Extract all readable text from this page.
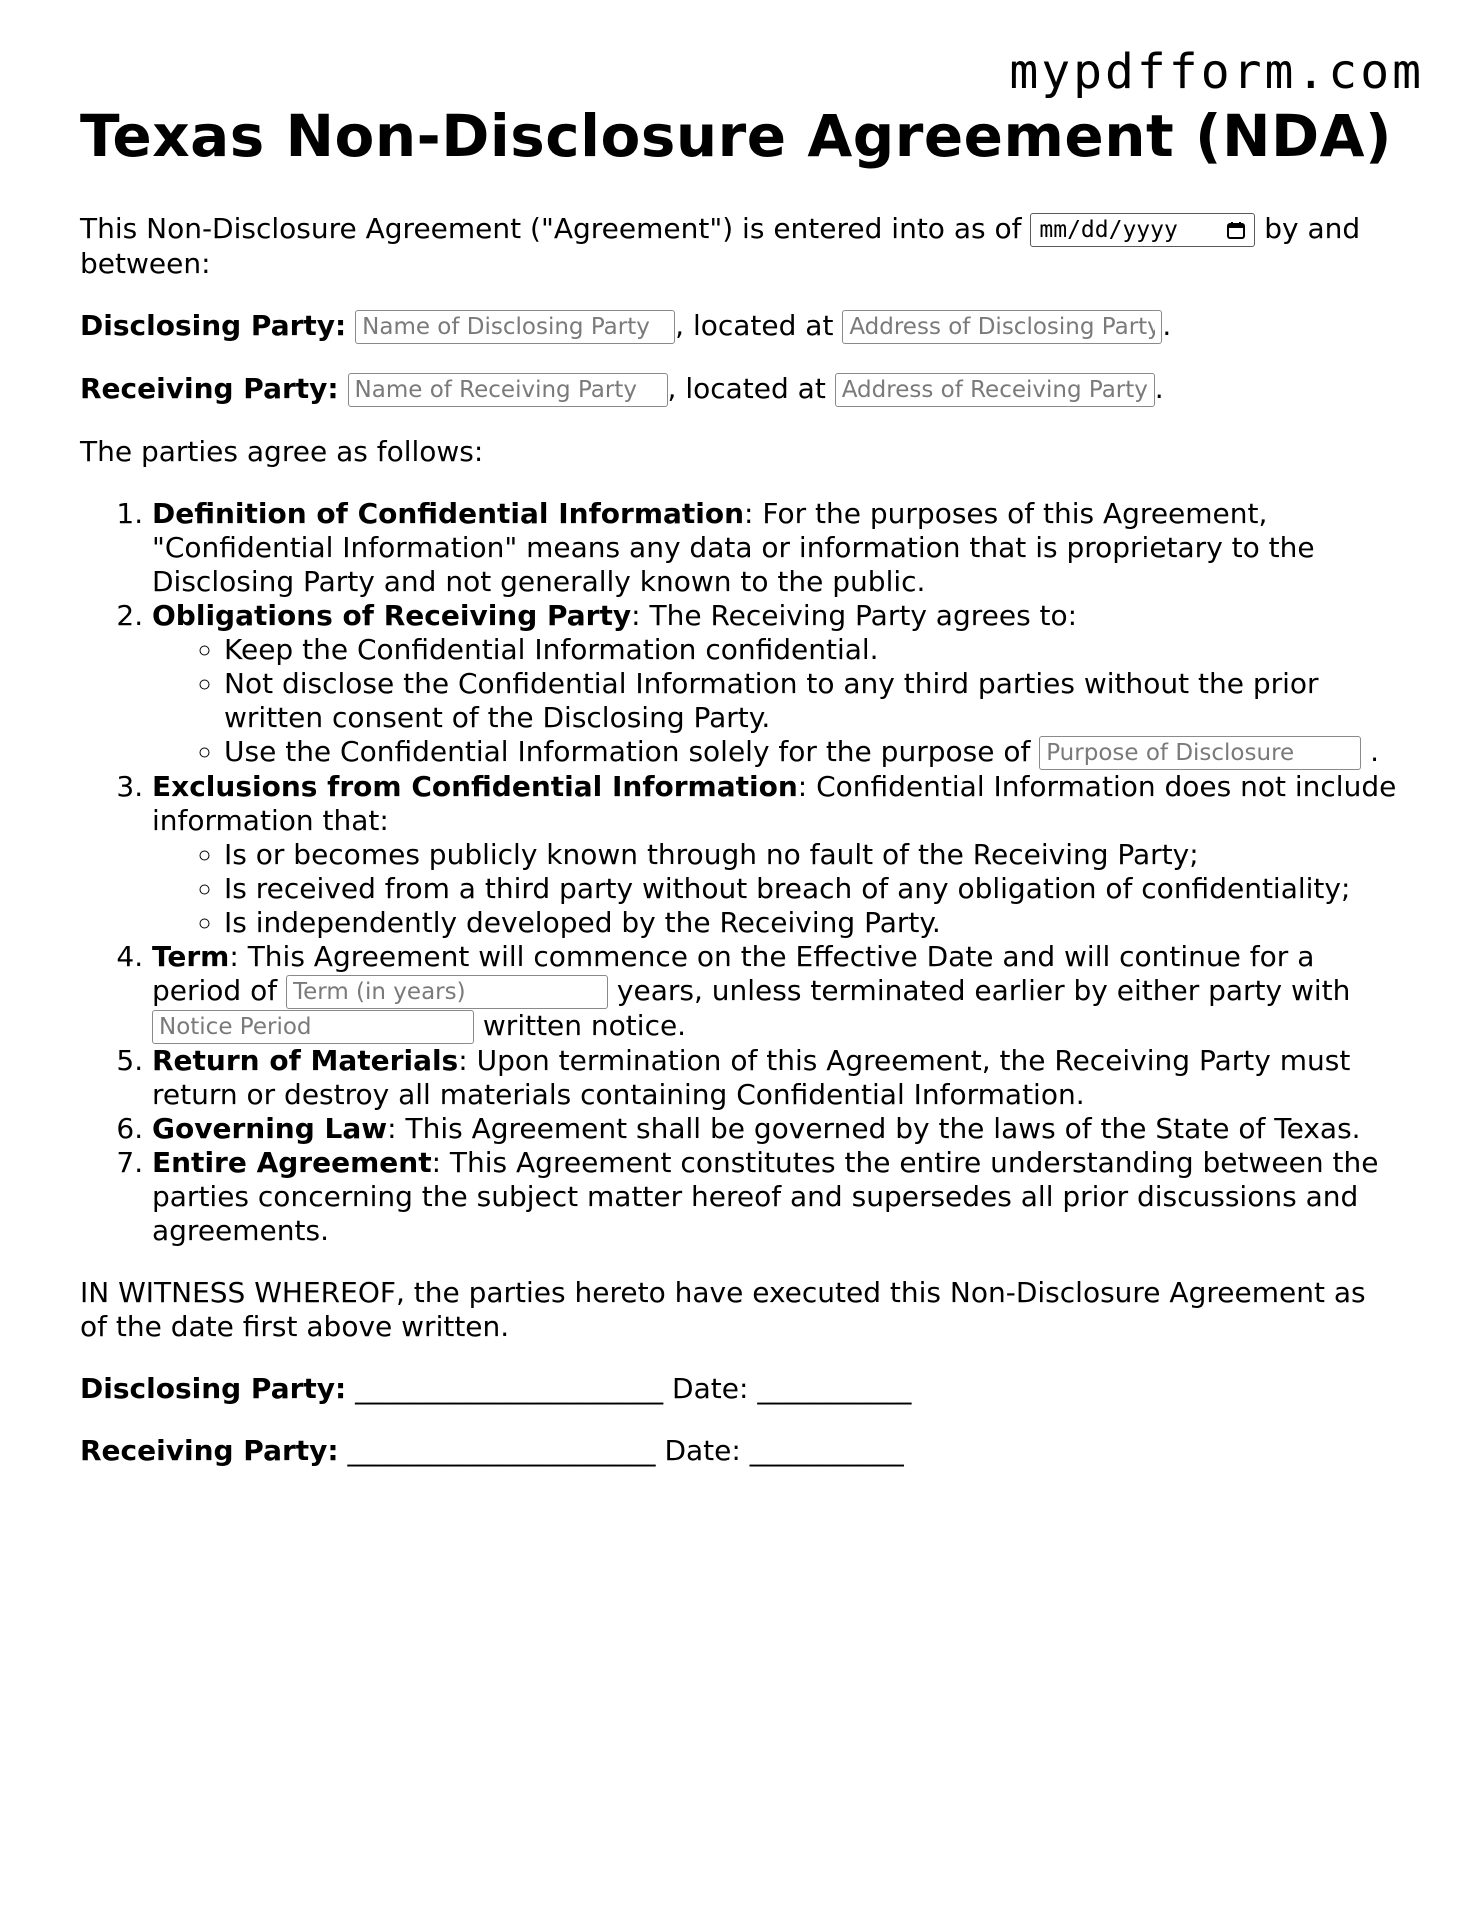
mypdfform.com
Texas Non-Disclosure Agreement (NDA)

This Non-Disclosure Agreement ("Agreement") is entered into as of mm/dd/yyyy	by and between:

Disclosing Party: Name of Disclosing Party	, located at Address of Disclosing Party	.

Receiving Party: Name of Receiving Party	, located at Address of Receiving Party	.

The parties agree as follows:

1. Definition of Confidential Information: For the purposes of this Agreement, "Confidential Information" means any data or information that is proprietary to the Disclosing Party and not generally known to the public.
2. Obligations of Receiving Party: The Receiving Party agrees to:
◦ Keep the Confidential Information confidential.
◦ Not disclose the Confidential Information to any third parties without the prior written consent of the Disclosing Party.
◦ Use the Confidential Information solely for the purpose of Purpose of Disclosure	.
3. Exclusions from Confidential Information: Confidential Information does not include information that:
◦ Is or becomes publicly known through no fault of the Receiving Party;
◦ Is received from a third party without breach of any obligation of confidentiality;
◦ Is independently developed by the Receiving Party.
4. Term: This Agreement will commence on the Effective Date and will continue for a period of Term (in years)	years, unless terminated earlier by either party with Notice Period written notice.
5. Return of Materials: Upon termination of this Agreement, the Receiving Party must return or destroy all materials containing Confidential Information.
6. Governing Law: This Agreement shall be governed by the laws of the State of Texas.
7. Entire Agreement: This Agreement constitutes the entire understanding between the parties concerning the subject matter hereof and supersedes all prior discussions and agreements.

IN WITNESS WHEREOF, the parties hereto have executed this Non-Disclosure Agreement as of the date first above written.

Disclosing Party: ______________________ Date: ___________

Receiving Party: ______________________ Date: ___________
